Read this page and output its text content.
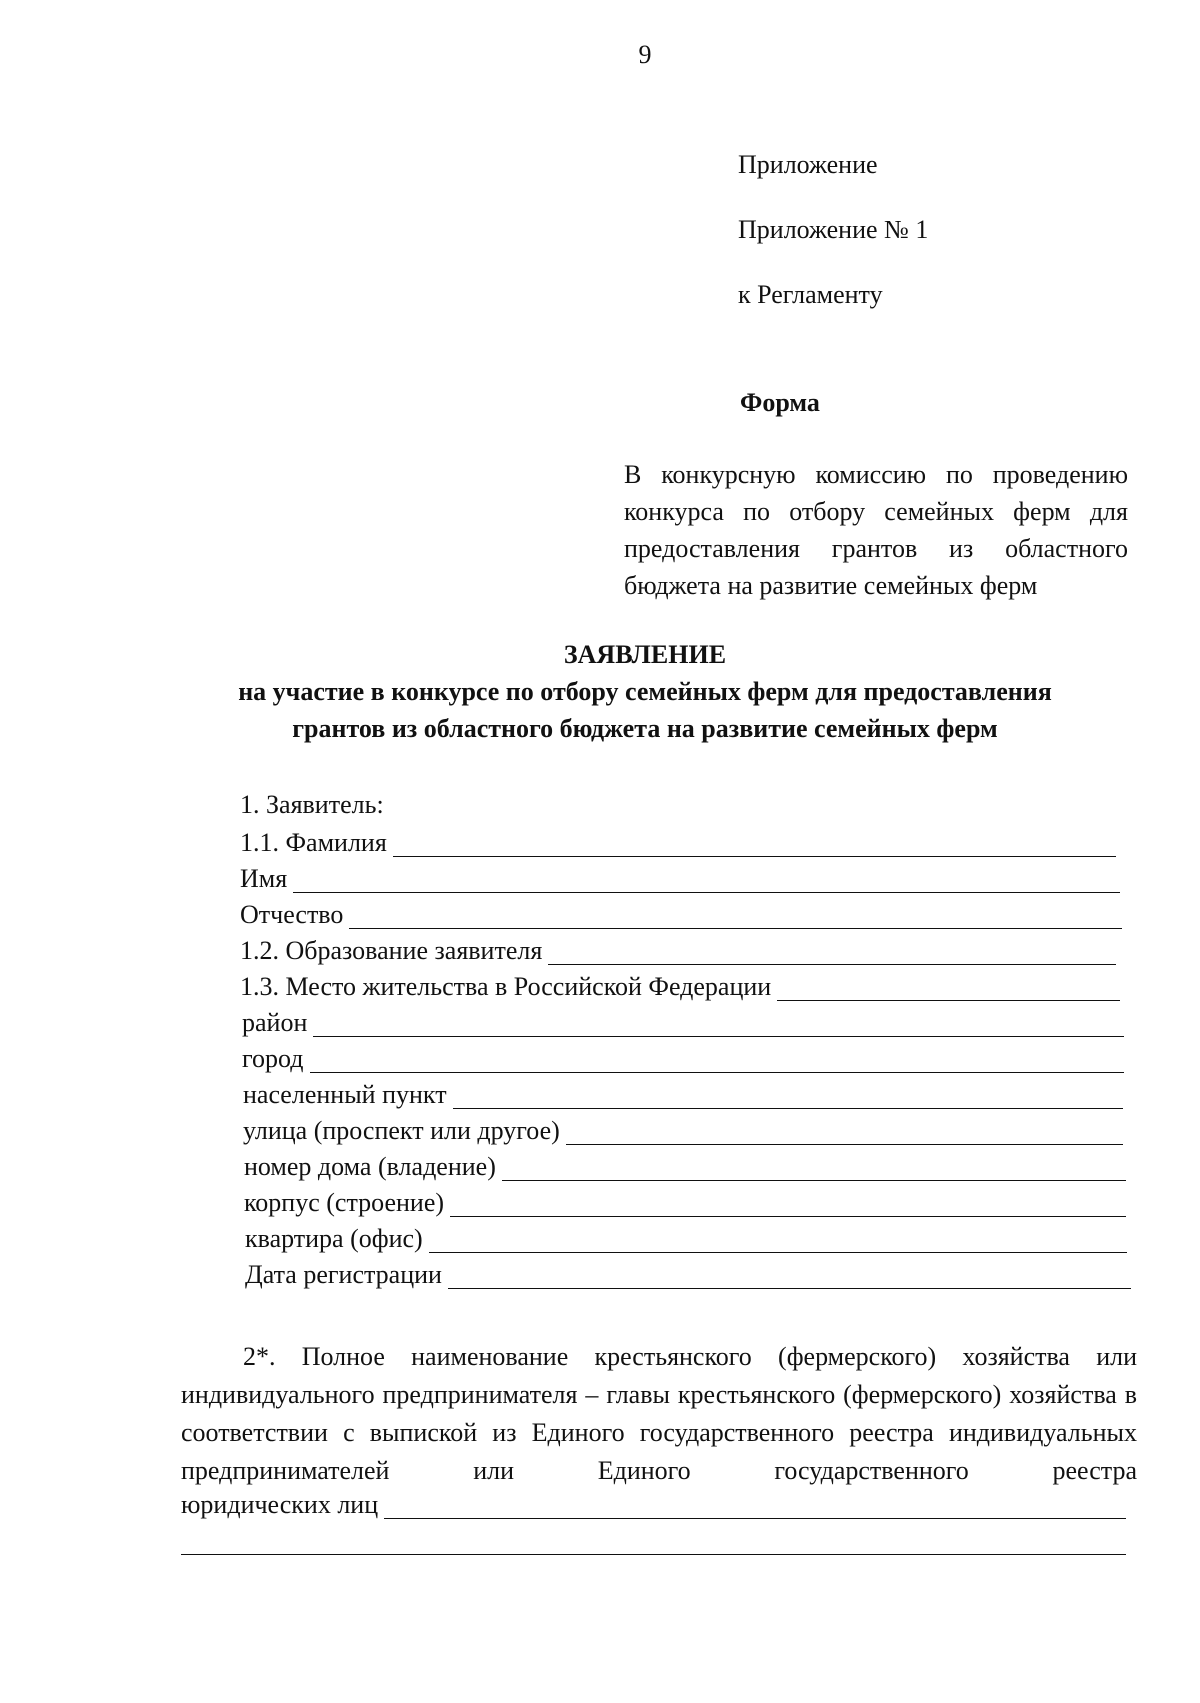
9
Приложение
Приложение № 1
к Регламенту
Форма
В конкурсную комиссию по проведению конкурса по отбору семейных ферм для предоставления грантов из областного бюджета на развитие семейных ферм
ЗАЯВЛЕНИЕ
на участие в конкурсе по отбору семейных ферм для предоставления грантов из областного бюджета на развитие семейных ферм
1. Заявитель:
1.1. Фамилия
Имя
Отчество
1.2. Образование заявителя
1.3. Место жительства в Российской Федерации
район
город
населенный пункт
улица (проспект или другое)
номер дома (владение)
корпус (строение)
квартира (офис)
Дата регистрации
2*. Полное наименование крестьянского (фермерского) хозяйства или индивидуального предпринимателя – главы крестьянского (фермерского) хозяйства в соответствии с выпиской из Единого государственного реестра индивидуальных предпринимателей или Единого государственного реестра
юридических лиц
